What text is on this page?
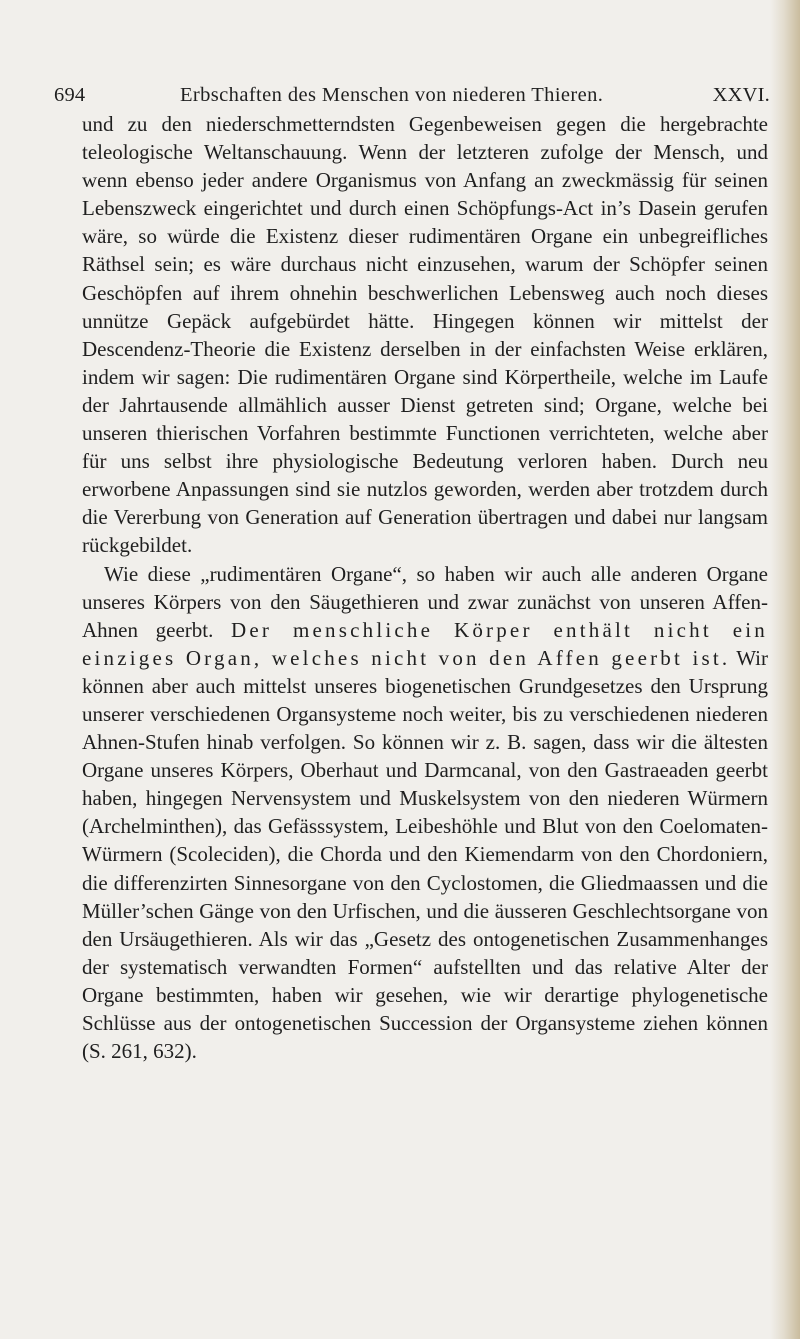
694	Erbschaften des Menschen von niederen Thieren.	XXVI.

und zu den niederschmetterndsten Gegenbeweisen gegen die hergebrachte teleologische Weltanschauung. Wenn der letzteren zufolge der Mensch, und wenn ebenso jeder andere Organismus von Anfang an zweckmässig für seinen Lebenszweck eingerichtet und durch einen Schöpfungs-Act in’s Dasein gerufen wäre, so würde die Existenz dieser rudimentären Organe ein unbegreifliches Räthsel sein; es wäre durchaus nicht einzusehen, warum der Schöpfer seinen Geschöpfen auf ihrem ohnehin beschwerlichen Lebensweg auch noch dieses unnütze Gepäck aufgebürdet hätte. Hingegen können wir mittelst der Descendenz-Theorie die Existenz derselben in der einfachsten Weise erklären, indem wir sagen: Die rudimentären Organe sind Körpertheile, welche im Laufe der Jahrtausende allmählich ausser Dienst getreten sind; Organe, welche bei unseren thierischen Vorfahren bestimmte Functionen verrichteten, welche aber für uns selbst ihre physiologische Bedeutung verloren haben. Durch neu erworbene Anpassungen sind sie nutzlos geworden, werden aber trotzdem durch die Vererbung von Generation auf Generation übertragen und dabei nur langsam rückgebildet.

Wie diese „rudimentären Organe“, so haben wir auch alle anderen Organe unseres Körpers von den Säugethieren und zwar zunächst von unseren Affen-Ahnen geerbt. Der menschliche Körper enthält nicht ein einziges Organ, welches nicht von den Affen geerbt ist. Wir können aber auch mittelst unseres biogenetischen Grundgesetzes den Ursprung unserer verschiedenen Organsysteme noch weiter, bis zu verschiedenen niederen Ahnen-Stufen hinab verfolgen. So können wir z. B. sagen, dass wir die ältesten Organe unseres Körpers, Oberhaut und Darmcanal, von den Gastraeaden geerbt haben, hingegen Nervensystem und Muskelsystem von den niederen Würmern (Archelminthen), das Gefässsystem, Leibeshöhle und Blut von den Coelomaten-Würmern (Scoleciden), die Chorda und den Kiemendarm von den Chordoniern, die differenzirten Sinnesorgane von den Cyclostomen, die Gliedmaassen und die Müller’schen Gänge von den Urfischen, und die äusseren Geschlechtsorgane von den Ursäugethieren. Als wir das „Gesetz des ontogenetischen Zusammenhanges der systematisch verwandten Formen“ aufstellten und das relative Alter der Organe bestimmten, haben wir gesehen, wie wir derartige phylogenetische Schlüsse aus der ontogenetischen Succession der Organsysteme ziehen können (S. 261, 632).
